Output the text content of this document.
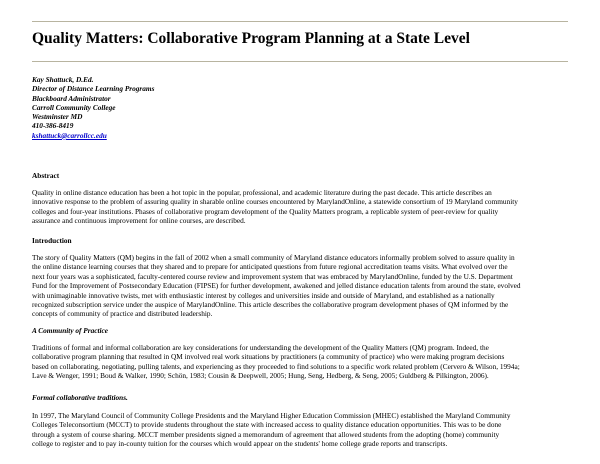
Quality Matters: Collaborative Program Planning at a State Level
Kay Shattuck, D.Ed.
Director of Distance Learning Programs
Blackboard Administrator
Carroll Community College
Westminster MD
410-386-8419
kshattuck@carrollcc.edu
Abstract

Quality in online distance education has been a hot topic in the popular, professional, and academic literature during the past decade. This article describes an
innovative response to the problem of assuring quality in sharable online courses encountered by MarylandOnline, a statewide consortium of 19 Maryland community
colleges and four-year institutions. Phases of collaborative program development of the Quality Matters program, a replicable system of peer-review for quality
assurance and continuous improvement for online courses, are described.

Introduction

The story of Quality Matters (QM) begins in the fall of 2002 when a small community of Maryland distance educators informally problem solved to assure quality in
the online distance learning courses that they shared and to prepare for anticipated questions from future regional accreditation teams visits. What evolved over the
next four years was a sophisticated, faculty-centered course review and improvement system that was embraced by MarylandOnline, funded by the U.S. Department
Fund for the Improvement of Postsecondary Education (FIPSE) for further development, awakened and jelled distance education talents from around the state, evolved
with unimaginable innovative twists, met with enthusiastic interest by colleges and universities inside and outside of Maryland, and established as a nationally
recognized subscription service under the auspice of MarylandOnline. This article describes the collaborative program development phases of QM informed by the
concepts of community of practice and distributed leadership.

A Community of Practice

Traditions of formal and informal collaboration are key considerations for understanding the development of the Quality Matters (QM) program. Indeed, the
collaborative program planning that resulted in QM involved real work situations by practitioners (a community of practice) who were making program decisions
based on collaborating, negotiating, pulling talents, and experiencing as they proceeded to find solutions to a specific work related problem (Cervero & Wilson, 1994a;
Lave & Wenger, 1991; Boud & Walker, 1990; Schön, 1983; Cousin & Deepwell, 2005; Hung, Seng, Hedberg, & Seng, 2005; Guldberg & Pilkington, 2006).

Formal collaborative traditions.

In 1997, The Maryland Council of Community College Presidents and the Maryland Higher Education Commission (MHEC) established the Maryland Community
Colleges Teleconsortium (MCCT) to provide students throughout the state with increased access to quality distance education opportunities. This was to be done
through a system of course sharing. MCCT member presidents signed a memorandum of agreement that allowed students from the adopting (home) community
college to register and to pay in-county tuition for the courses which would appear on the students' home college grade reports and transcripts.
